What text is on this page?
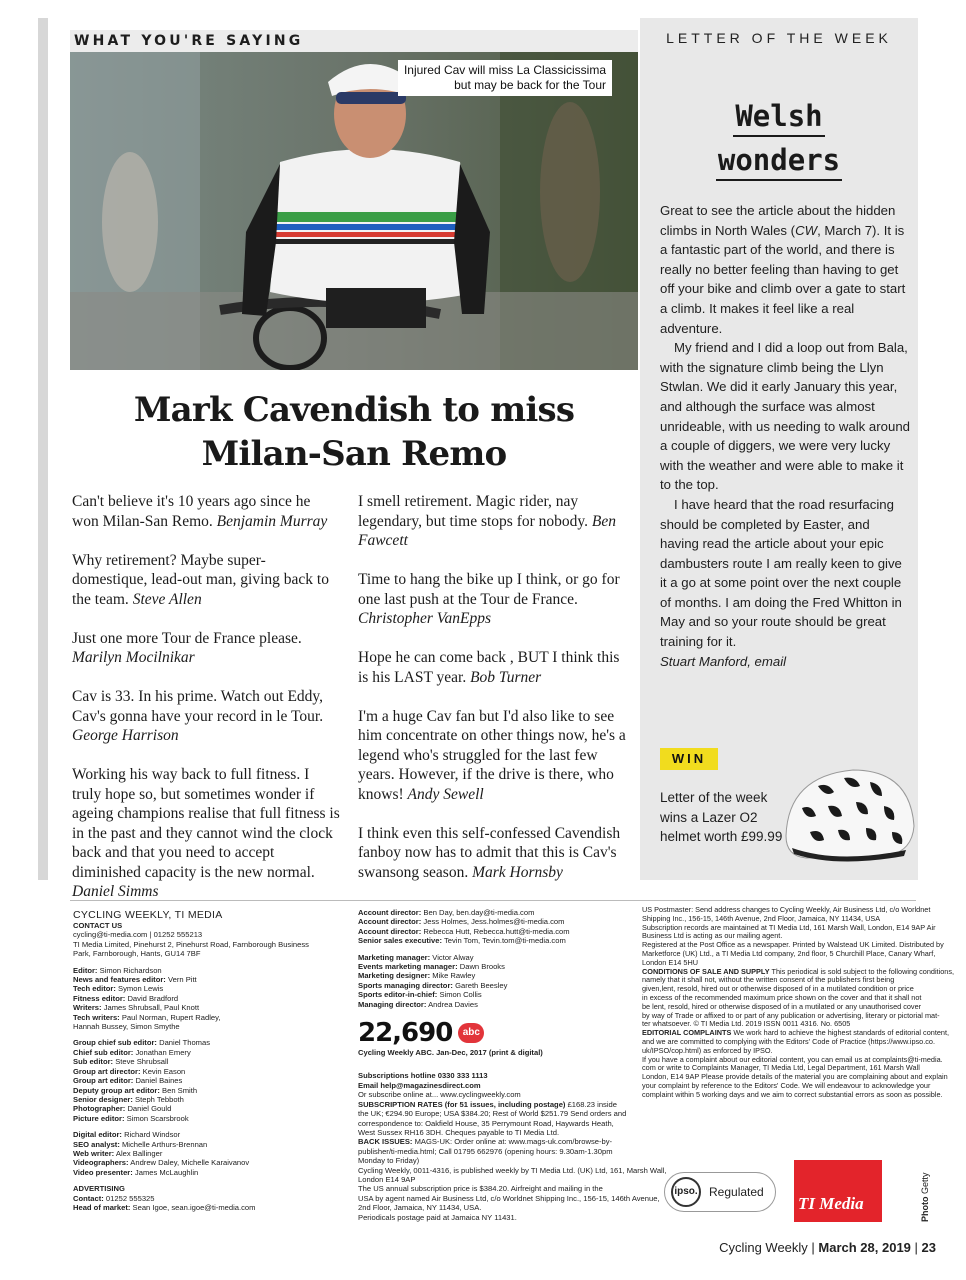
WHAT YOU'RE SAYING
Injured Cav will miss La Classicissima
but may be back for the Tour
Mark Cavendish to miss
Milan-San Remo

Can't believe it's 10 years ago since he won Milan-San Remo. Benjamin Murray

Why retirement? Maybe super-domestique, lead-out man, giving back to the team. Steve Allen

Just one more Tour de France please. Marilyn Mocilnikar

Cav is 33. In his prime. Watch out Eddy, Cav's gonna have your record in le Tour. George Harrison

Working his way back to full fitness. I truly hope so, but sometimes wonder if ageing champions realise that full fitness is in the past and they cannot wind the clock back and that you need to accept diminished capacity is the new normal. Daniel Simms

I smell retirement. Magic rider, nay legendary, but time stops for nobody. Ben Fawcett

Time to hang the bike up I think, or go for one last push at the Tour de France. Christopher VanEpps

Hope he can come back , BUT I think this is his LAST year. Bob Turner

I'm a huge Cav fan but I'd also like to see him concentrate on other things now, he's a legend who's struggled for the last few years. However, if the drive is there, who knows! Andy Sewell

I think even this self-confessed Cavendish fanboy now has to admit that this is Cav's swansong season. Mark Hornsby

LETTER OF THE WEEK
Welsh
wonders

Great to see the article about the hidden climbs in North Wales (CW, March 7). It is a fantastic part of the world, and there is really no better feeling than having to get off your bike and climb over a gate to start a climb. It makes it feel like a real adventure.

My friend and I did a loop out from Bala, with the signature climb being the Llyn Stwlan. We did it early January this year, and although the surface was almost unrideable, with us needing to walk around a couple of diggers, we were very lucky with the weather and were able to make it to the top.

I have heard that the road resurfacing should be completed by Easter, and having read the article about your epic dambusters route I am really keen to give it a go at some point over the next couple of months. I am doing the Fred Whitton in May and so your route should be great training for it.

Stuart Manford, email

WIN
Letter of the week wins a Lazer O2 helmet worth £99.99
CYCLING WEEKLY, TI MEDIA
CONTACT US
cycling@ti-media.com | 01252 555213
TI Media Limited, Pinehurst 2, Pinehurst Road, Farnborough Business
Park, Farnborough, Hants, GU14 7BF
Editor: Simon Richardson
News and features editor: Vern Pitt
Tech editor: Symon Lewis
Fitness editor: David Bradford
Writers: James Shrubsall, Paul Knott
Tech writers: Paul Norman, Rupert Radley,
Hannah Bussey, Simon Smythe
Group chief sub editor: Daniel Thomas
Chief sub editor: Jonathan Emery
Sub editor: Steve Shrubsall
Group art director: Kevin Eason
Group art editor: Daniel Baines
Deputy group art editor: Ben Smith
Senior designer: Steph Tebboth
Photographer: Daniel Gould
Picture editor: Simon Scarsbrook
Digital editor: Richard Windsor
SEO analyst: Michelle Arthurs-Brennan
Web writer: Alex Ballinger
Videographers: Andrew Daley, Michelle Karaivanov
Video presenter: James McLaughlin
ADVERTISING
Contact: 01252 555325
Head of market: Sean Igoe, sean.igoe@ti-media.com
Account director: Ben Day, ben.day@ti-media.com
Account director: Jess Holmes, Jess.holmes@ti-media.com
Account director: Rebecca Hutt, Rebecca.hutt@ti-media.com
Senior sales executive: Tevin Tom, Tevin.tom@ti-media.com
Marketing manager: Victor Alway
Events marketing manager: Dawn Brooks
Marketing designer: Mike Rawley
Sports managing director: Gareth Beesley
Sports editor-in-chief: Simon Collis
Managing director: Andrea Davies
22,690	abc
Cycling Weekly ABC. Jan-Dec, 2017 (print & digital)
Subscriptions hotline 0330 333 1113
Email help@magazinesdirect.com
Or subscribe online at... www.cyclingweekly.com
SUBSCRIPTION RATES (for 51 issues, including postage) £168.23 inside
the UK; €294.90 Europe; USA $384.20; Rest of World $251.79 Send orders and
correspondence to: Oakfield House, 35 Perrymount Road, Haywards Heath,
West Sussex RH16 3DH. Cheques payable to TI Media Ltd.
BACK ISSUES: MAGS-UK: Order online at: www.mags-uk.com/browse-by-
publisher/ti-media.html; Call 01795 662976 (opening hours: 9.30am-1.30pm
Monday to Friday)
Cycling Weekly, 0011-4316, is published weekly by TI Media Ltd. (UK) Ltd, 161, Marsh Wall,
London E14 9AP
The US annual subscription price is $384.20. Airfreight and mailing in the
USA by agent named Air Business Ltd, c/o Worldnet Shipping Inc., 156-15, 146th Avenue,
2nd Floor, Jamaica, NY 11434, USA.
Periodicals postage paid at Jamaica NY 11431.
US Postmaster: Send address changes to Cycling Weekly, Air Business Ltd, c/o Worldnet
Shipping Inc., 156-15, 146th Avenue, 2nd Floor, Jamaica, NY 11434, USA
Subscription records are maintained at TI Media Ltd, 161 Marsh Wall, London, E14 9AP Air
Business Ltd is acting as our mailing agent.
Registered at the Post Office as a newspaper. Printed by Walstead UK Limited. Distributed by
Marketforce (UK) Ltd., a TI Media Ltd company, 2nd floor, 5 Churchill Place, Canary Wharf,
London E14 5HU
CONDITIONS OF SALE AND SUPPLY This periodical is sold subject to the following conditions,
namely that it shall not, without the written consent of the publishers first being
given,lent, resold, hired out or otherwise disposed of in a mutilated condition or price
in excess of the recommended maximum price shown on the cover and that it shall not
be lent, resold, hired or otherwise disposed of in a mutilated or any unauthorised cover
by way of Trade or affixed to or part of any publication or advertising, literary or pictorial mat-
ter whatsoever. © TI Media Ltd. 2019 ISSN 0011 4316. No. 6505
EDITORIAL COMPLAINTS We work hard to achieve the highest standards of editorial content,
and we are committed to complying with the Editors' Code of Practice (https://www.ipso.co.
uk/IPSO/cop.html) as enforced by IPSO.
If you have a complaint about our editorial content, you can email us at complaints@ti-media.
com or write to Complaints Manager, TI Media Ltd, Legal Department, 161 Marsh Wall
London, E14 9AP Please provide details of the material you are complaining about and explain
your complaint by reference to the Editors' Code. We will endeavour to acknowledge your
complaint within 5 working days and we aim to correct substantial errors as soon as possible.
ipso. Regulated
TI Media	Photo Getty
Cycling Weekly | March 28, 2019 | 23
